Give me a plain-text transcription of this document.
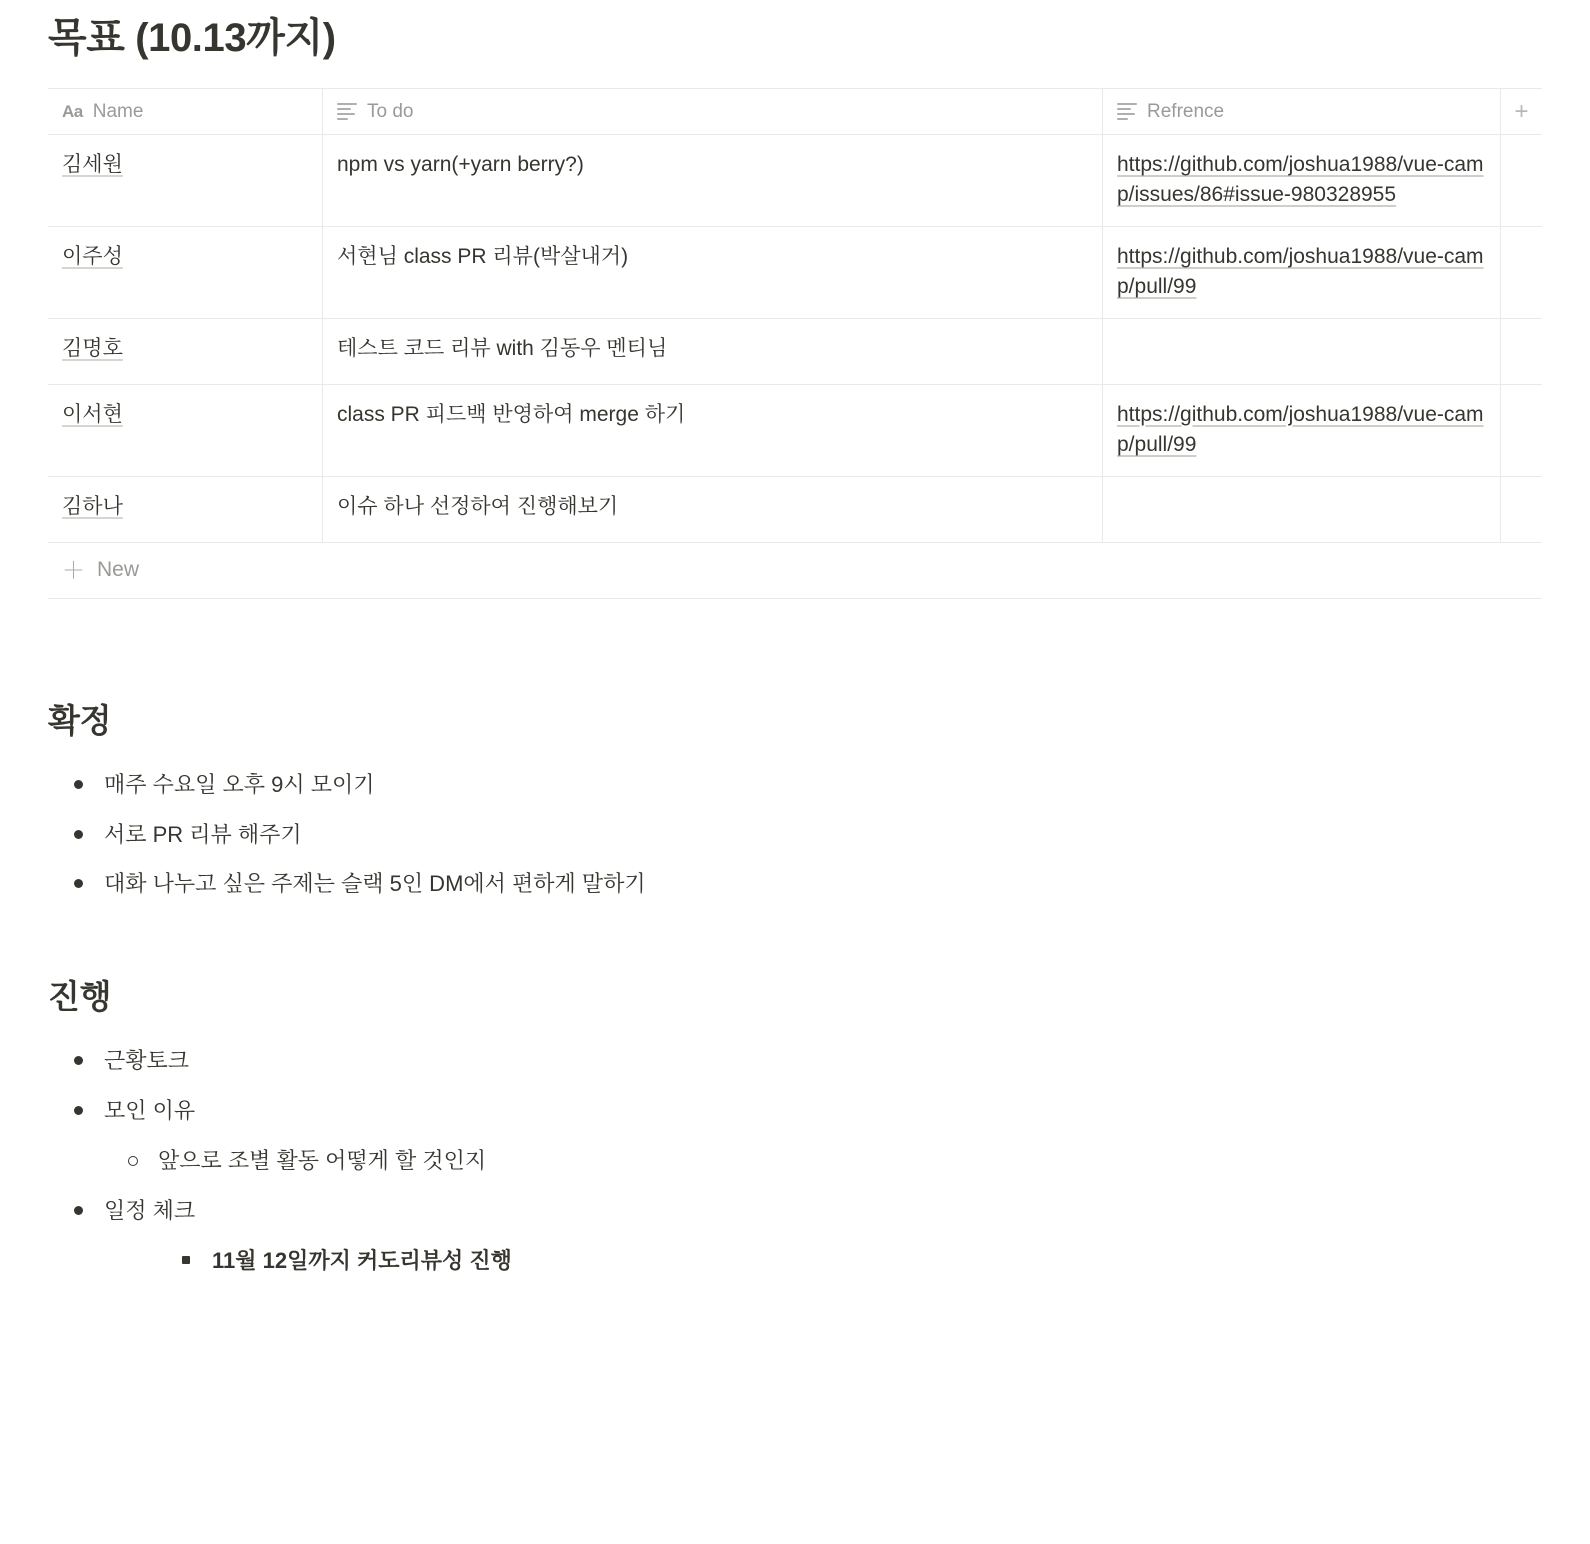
목표 (10.13까지)
Aa Name	To do	Refrence	+
김세원	npm vs yarn(+yarn berry?)	https://github.com/joshua1988/vue-camp/issues/86#issue-980328955
이주성	서현님 class PR 리뷰(박살내거)	https://github.com/joshua1988/vue-camp/pull/99
김명호	테스트 코드 리뷰 with 김동우 멘티님
이서현	class PR 피드백 반영하여 merge 하기	https://github.com/joshua1988/vue-camp/pull/99
김하나	이슈 하나 선정하여 진행해보기
＋ New
확정
매주 수요일 오후 9시 모이기
서로 PR 리뷰 해주기
대화 나누고 싶은 주제는 슬랙 5인 DM에서 편하게 말하기
진행
근황토크
모인 이유
앞으로 조별 활동 어떻게 할 것인지
일정 체크
11월 12일까지 커도리뷰성 진행
